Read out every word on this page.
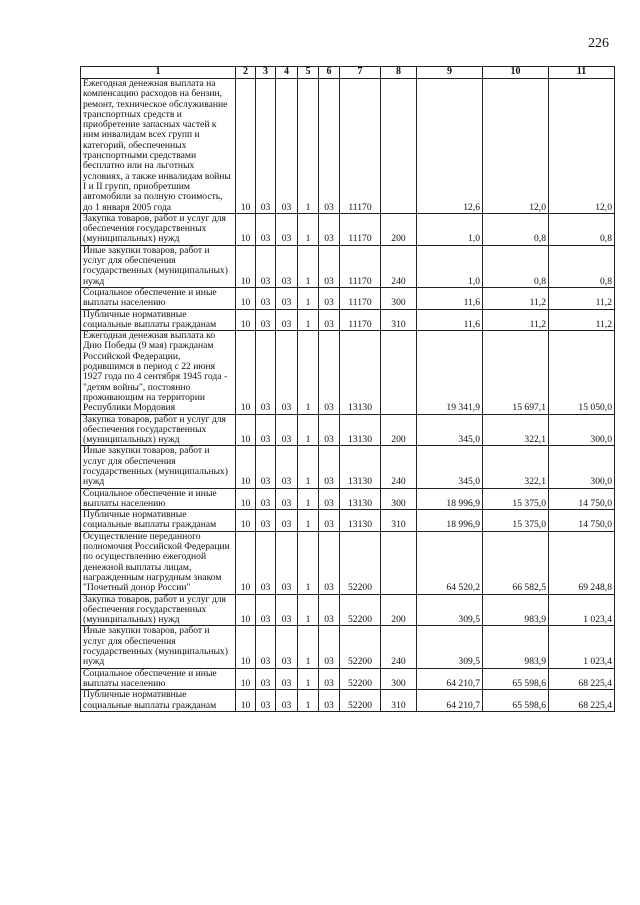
226
1	2	3	4	5	6	7	8	9	10	11
Ежегодная денежная выплата на компенсацию расходов на бензин, ремонт, техническое обслуживание транспортных средств и приобретение запасных частей к ним инвалидам всех групп и категорий, обеспеченных транспортными средствами бесплатно или на льготных условиях, а также инвалидам войны I и II групп, приобретшим автомобили за полную стоимость, до 1 января 2005 года	10	03	03	1	03	11170		12,6	12,0	12,0
Закупка товаров, работ и услуг для обеспечения государственных (муниципальных) нужд	10	03	03	1	03	11170	200	1,0	0,8	0,8
Иные закупки товаров, работ и услуг для обеспечения государственных (муниципальных) нужд	10	03	03	1	03	11170	240	1,0	0,8	0,8
Социальное обеспечение и иные выплаты населению	10	03	03	1	03	11170	300	11,6	11,2	11,2
Публичные нормативные социальные выплаты гражданам	10	03	03	1	03	11170	310	11,6	11,2	11,2
Ежегодная денежная выплата ко Дню Победы (9 мая) гражданам Российской Федерации, родившимся в период с 22 июня 1927 года по 4 сентября 1945 года - "детям войны", постоянно проживающим на территории Республики Мордовия	10	03	03	1	03	13130		19 341,9	15 697,1	15 050,0
Закупка товаров, работ и услуг для обеспечения государственных (муниципальных) нужд	10	03	03	1	03	13130	200	345,0	322,1	300,0
Иные закупки товаров, работ и услуг для обеспечения государственных (муниципальных) нужд	10	03	03	1	03	13130	240	345,0	322,1	300,0
Социальное обеспечение и иные выплаты населению	10	03	03	1	03	13130	300	18 996,9	15 375,0	14 750,0
Публичные нормативные социальные выплаты гражданам	10	03	03	1	03	13130	310	18 996,9	15 375,0	14 750,0
Осуществление переданного полномочия Российской Федерации по осуществлению ежегодной денежной выплаты лицам, награжденным нагрудным знаком "Почетный донор России"	10	03	03	1	03	52200		64 520,2	66 582,5	69 248,8
Закупка товаров, работ и услуг для обеспечения государственных (муниципальных) нужд	10	03	03	1	03	52200	200	309,5	983,9	1 023,4
Иные закупки товаров, работ и услуг для обеспечения государственных (муниципальных) нужд	10	03	03	1	03	52200	240	309,5	983,9	1 023,4
Социальное обеспечение и иные выплаты населению	10	03	03	1	03	52200	300	64 210,7	65 598,6	68 225,4
Публичные нормативные социальные выплаты гражданам	10	03	03	1	03	52200	310	64 210,7	65 598,6	68 225,4
